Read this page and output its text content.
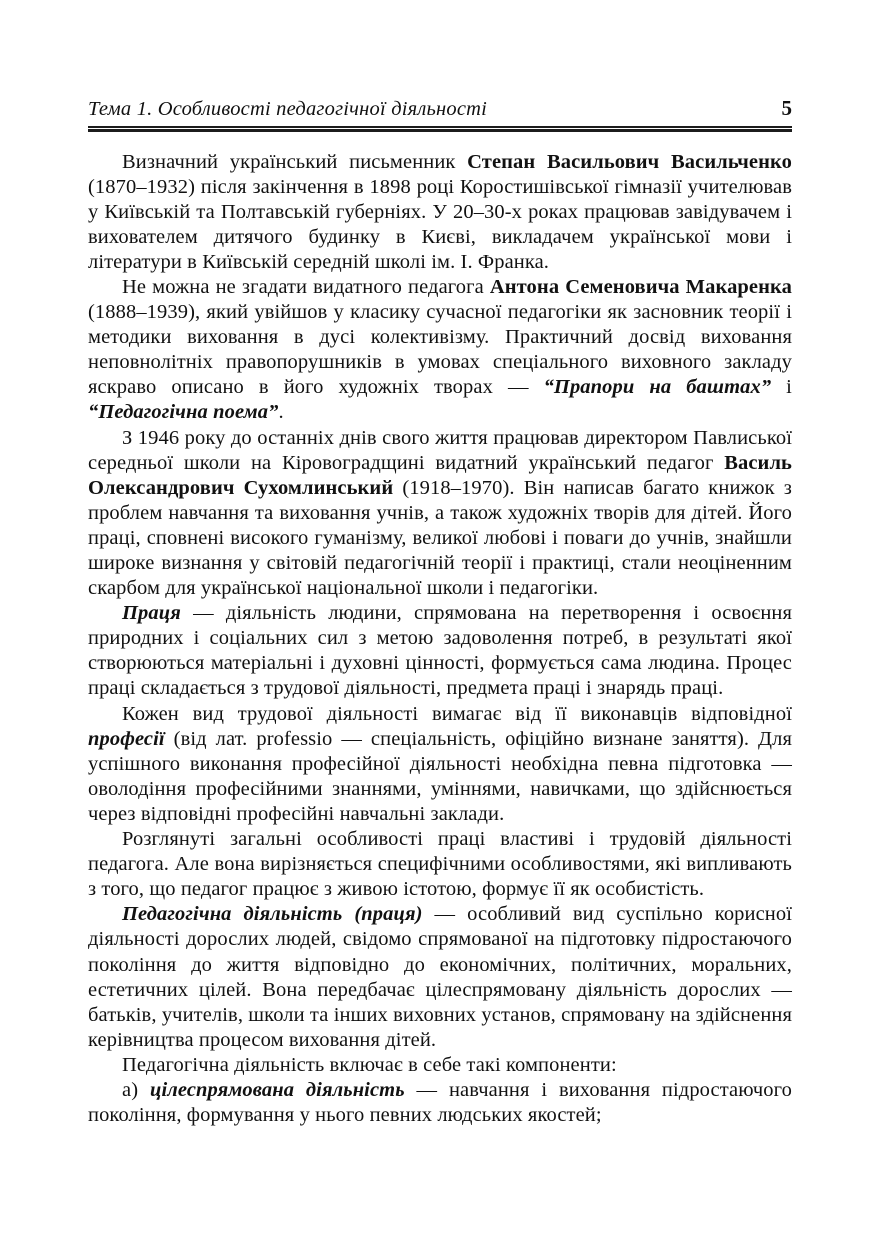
Тема 1. Особливості педагогічної діяльності	5

Визначний український письменник Степан Васильович Васильченко (1870–1932) після закінчення в 1898 році Коростишівської гімназії учителював у Київській та Полтавській губерніях. У 20–30-х роках працював завідувачем і вихователем дитячого будинку в Києві, викладачем української мови і літератури в Київській середній школі ім. І. Франка.

Не можна не згадати видатного педагога Антона Семеновича Макаренка (1888–1939), який увійшов у класику сучасної педагогіки як засновник теорії і методики виховання в дусі колективізму. Практичний досвід виховання неповнолітніх правопорушників в умовах спеціального виховного закладу яскраво описано в його художніх творах — “Прапори на баштах” і “Педагогічна поема”.

З 1946 року до останніх днів свого життя працював директором Павлиської середньої школи на Кіровоградщині видатний український педагог Василь Олександрович Сухомлинський (1918–1970). Він написав багато книжок з проблем навчання та виховання учнів, а також художніх творів для дітей. Його праці, сповнені високого гуманізму, великої любові і поваги до учнів, знайшли широке визнання у світовій педагогічній теорії і практиці, стали неоціненним скарбом для української національної школи і педагогіки.

Праця — діяльність людини, спрямована на перетворення і освоєння природних і соціальних сил з метою задоволення потреб, в результаті якої створюються матеріальні і духовні цінності, формується сама людина. Процес праці складається з трудової діяльності, предмета праці і знарядь праці.

Кожен вид трудової діяльності вимагає від її виконавців відповідної професії (від лат. professio — спеціальність, офіційно визнане заняття). Для успішного виконання професійної діяльності необхідна певна підготовка — оволодіння професійними знаннями, уміннями, навичками, що здійснюється через відповідні професійні навчальні заклади.

Розглянуті загальні особливості праці властиві і трудовій діяльності педагога. Але вона вирізняється специфічними особливостями, які випливають з того, що педагог працює з живою істотою, формує її як особистість.

Педагогічна діяльність (праця) — особливий вид суспільно корисної діяльності дорослих людей, свідомо спрямованої на підготовку підростаючого покоління до життя відповідно до економічних, політичних, моральних, естетичних цілей. Вона передбачає цілеспрямовану діяльність дорослих — батьків, учителів, школи та інших виховних установ, спрямовану на здійснення керівництва процесом виховання дітей.

Педагогічна діяльність включає в себе такі компоненти:

а) цілеспрямована діяльність — навчання і виховання підростаючого покоління, формування у нього певних людських якостей;
